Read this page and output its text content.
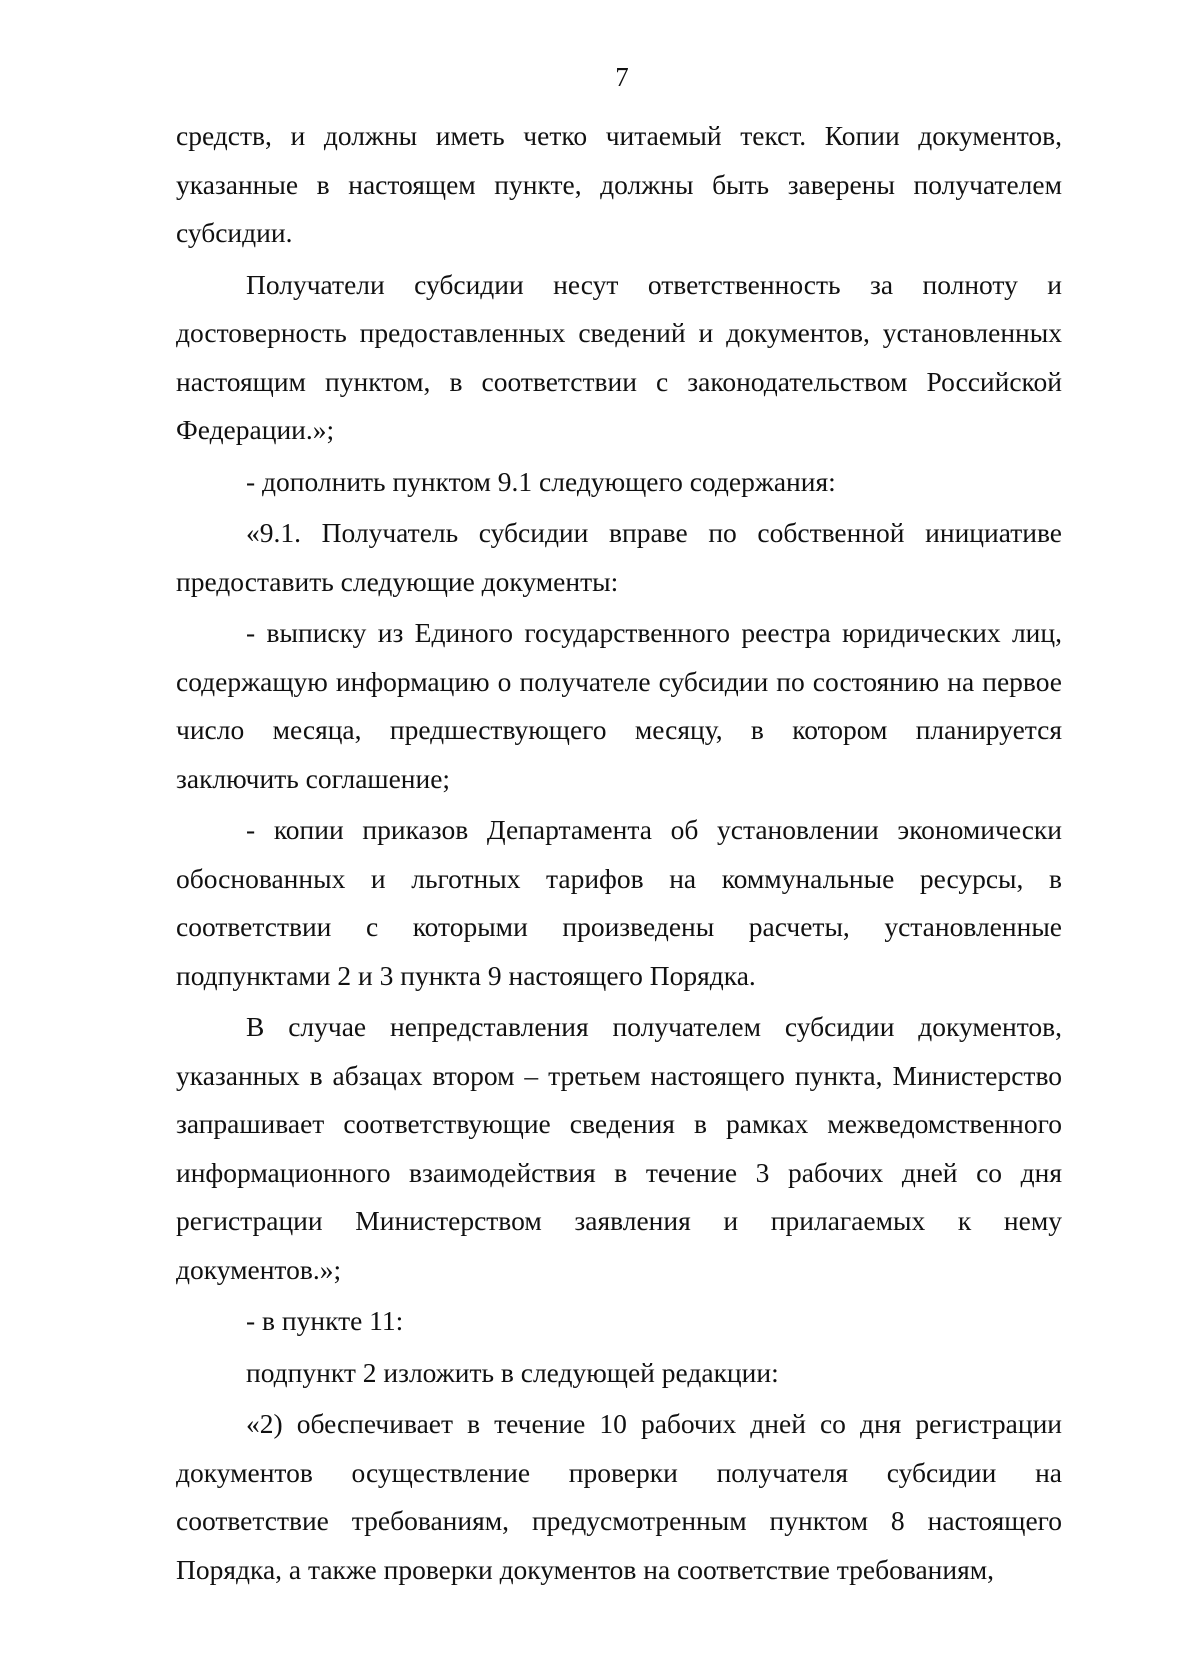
7

средств, и должны иметь четко читаемый текст. Копии документов, указанные в настоящем пункте, должны быть заверены получателем субсидии.

Получатели субсидии несут ответственность за полноту и достоверность предоставленных сведений и документов, установленных настоящим пунктом, в соответствии с законодательством Российской Федерации.»;

- дополнить пунктом 9.1 следующего содержания:

«9.1. Получатель субсидии вправе по собственной инициативе предоставить следующие документы:

- выписку из Единого государственного реестра юридических лиц, содержащую информацию о получателе субсидии по состоянию на первое число месяца, предшествующего месяцу, в котором планируется заключить соглашение;

- копии приказов Департамента об установлении экономически обоснованных и льготных тарифов на коммунальные ресурсы, в соответствии с которыми произведены расчеты, установленные подпунктами 2 и 3 пункта 9 настоящего Порядка.

В случае непредставления получателем субсидии документов, указанных в абзацах втором – третьем настоящего пункта, Министерство запрашивает соответствующие сведения в рамках межведомственного информационного взаимодействия в течение 3 рабочих дней со дня регистрации Министерством заявления и прилагаемых к нему документов.»;

- в пункте 11:

подпункт 2 изложить в следующей редакции:

«2) обеспечивает в течение 10 рабочих дней со дня регистрации документов осуществление проверки получателя субсидии на соответствие требованиям, предусмотренным пунктом 8 настоящего Порядка, а также проверки документов на соответствие требованиям,
